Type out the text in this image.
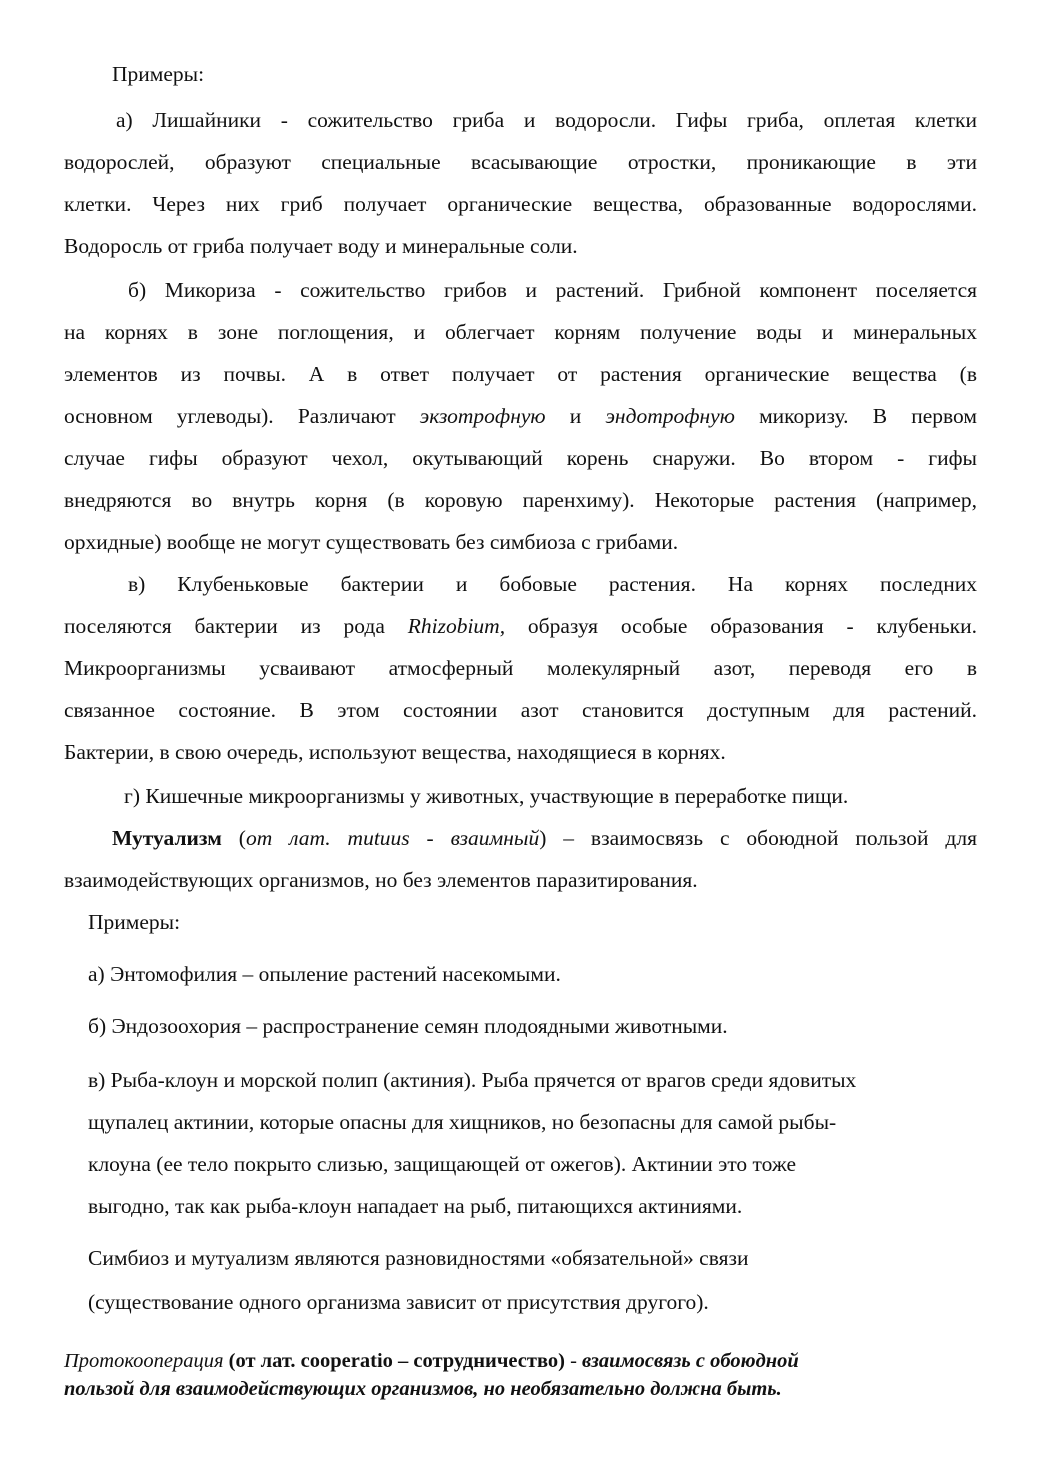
Примеры:
а) Лишайники - сожительство гриба и водоросли. Гифы гриба, оплетая клетки
водорослей, образуют специальные всасывающие отростки, проникающие в эти
клетки. Через них гриб получает органические вещества, образованные водорослями.
Водоросль от гриба получает воду и минеральные соли.
б) Микориза - сожительство грибов и растений. Грибной компонент поселяется
на корнях в зоне поглощения, и облегчает корням получение воды и минеральных
элементов из почвы. А в ответ получает от растения органические вещества (в
основном углеводы). Различают экзотрофную и эндотрофную микоризу. В первом
случае гифы образуют чехол, окутывающий корень снаружи. Во втором - гифы
внедряются во внутрь корня (в коровую паренхиму). Некоторые растения (например,
орхидные) вообще не могут существовать без симбиоза с грибами.
в) Клубеньковые бактерии и бобовые растения. На корнях последних
поселяются бактерии из рода Rhizobium, образуя особые образования - клубеньки.
Микроорганизмы усваивают атмосферный молекулярный азот, переводя его в
связанное состояние. В этом состоянии азот становится доступным для растений.
Бактерии, в свою очередь, используют вещества, находящиеся в корнях.
г) Кишечные микроорганизмы у животных, участвующие в переработке пищи.
Мутуализм (от лат. mutuus - взаимный) – взаимосвязь с обоюдной пользой для
взаимодействующих организмов, но без элементов паразитирования.
Примеры:
а) Энтомофилия – опыление растений насекомыми.
б) Эндозоохория – распространение семян плодоядными животными.
в) Рыба-клоун и морской полип (актиния). Рыба прячется от врагов среди ядовитых
щупалец актинии, которые опасны для хищников, но безопасны для самой рыбы-
клоуна (ее тело покрыто слизью, защищающей от ожегов). Актинии это тоже
выгодно, так как рыба-клоун нападает на рыб, питающихся актиниями.
Симбиоз и мутуализм являются разновидностями «обязательной» связи
(существование одного организма зависит от присутствия другого).
Протокооперация (от лат. cooperatio – сотрудничество) - взаимосвязь с обоюдной
пользой для взаимодействующих организмов, но необязательно должна быть.
